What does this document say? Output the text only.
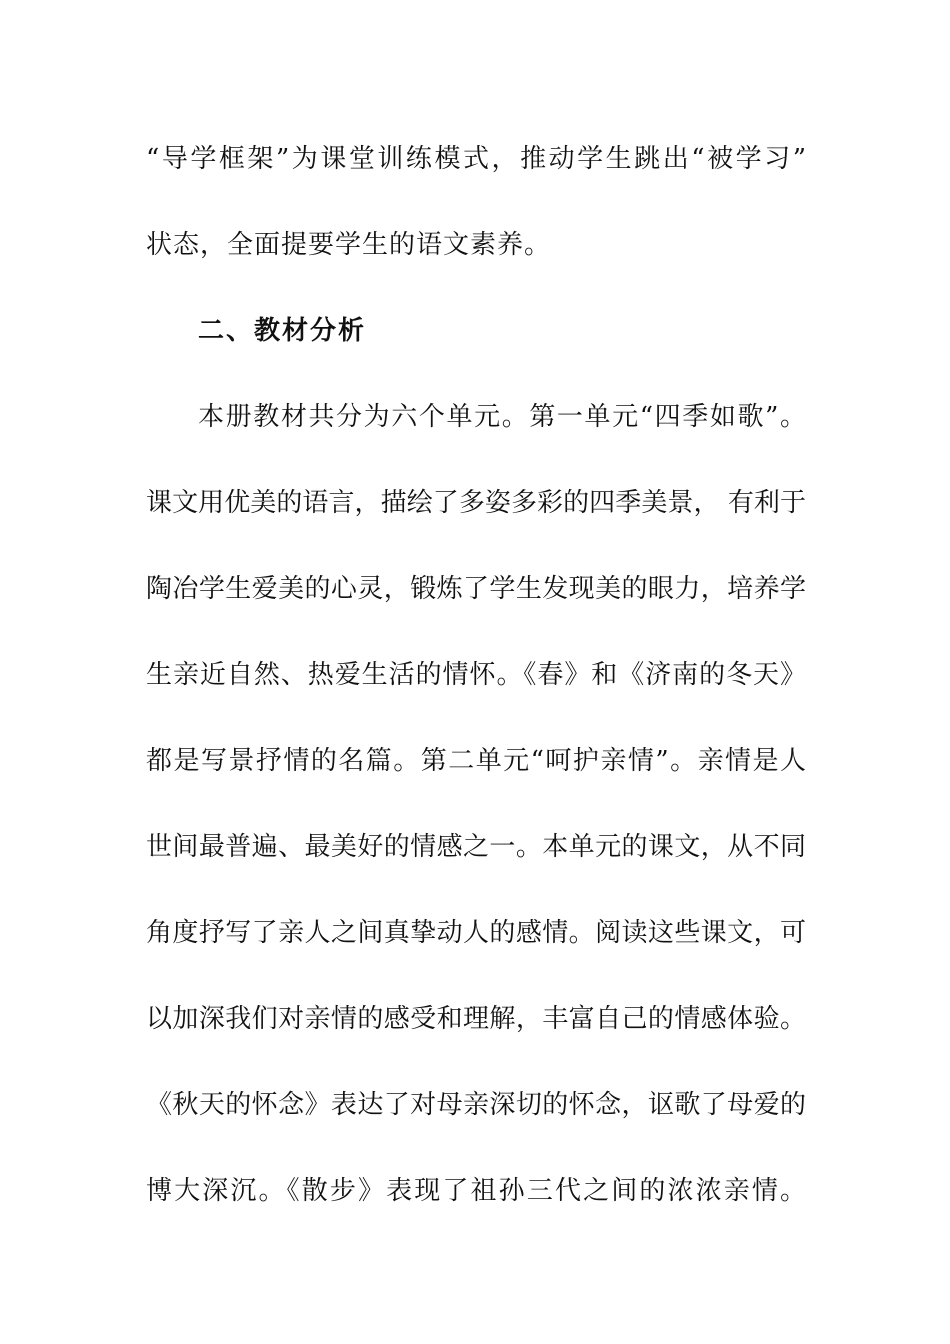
“导学框架”为课堂训练模式，推动学生跳出“被学习”
状态，全面提要学生的语文素养。
二、教材分析
本册教材共分为六个单元。第一单元“四季如歌”。
课文用优美的语言，描绘了多姿多彩的四季美景， 有利于
陶冶学生爱美的心灵，锻炼了学生发现美的眼力，培养学
生亲近自然、热爱生活的情怀。《春》和《济南的冬天》
都是写景抒情的名篇。第二单元“呵护亲情”。亲情是人
世间最普遍、最美好的情感之一。本单元的课文，从不同
角度抒写了亲人之间真挚动人的感情。阅读这些课文，可
以加深我们对亲情的感受和理解，丰富自己的情感体验。
《秋天的怀念》表达了对母亲深切的怀念，讴歌了母爱的
博大深沉。《散步》表现了祖孙三代之间的浓浓亲情。
